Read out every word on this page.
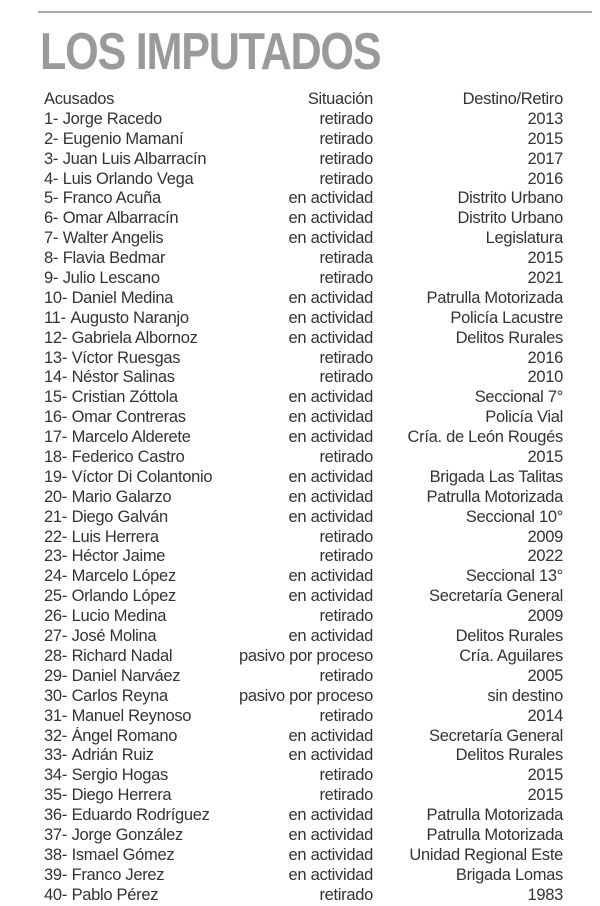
LOS IMPUTADOS
Acusados	Situación	Destino/Retiro
1- Jorge Racedo	retirado	2013
2- Eugenio Mamaní	retirado	2015
3- Juan Luis Albarracín	retirado	2017
4- Luis Orlando Vega	retirado	2016
5- Franco Acuña	en actividad	Distrito Urbano
6- Omar Albarracín	en actividad	Distrito Urbano
7- Walter Angelis	en actividad	Legislatura
8- Flavia Bedmar	retirada	2015
9- Julio Lescano	retirado	2021
10- Daniel Medina	en actividad	Patrulla Motorizada
11- Augusto Naranjo	en actividad	Policía Lacustre
12- Gabriela Albornoz	en actividad	Delitos Rurales
13- Víctor Ruesgas	retirado	2016
14- Néstor Salinas	retirado	2010
15- Cristian Zóttola	en actividad	Seccional 7°
16- Omar Contreras	en actividad	Policía Vial
17- Marcelo Alderete	en actividad	Cría. de León Rougés
18- Federico Castro	retirado	2015
19- Víctor Di Colantonio	en actividad	Brigada Las Talitas
20- Mario Galarzo	en actividad	Patrulla Motorizada
21- Diego Galván	en actividad	Seccional 10°
22- Luis Herrera	retirado	2009
23- Héctor Jaime	retirado	2022
24- Marcelo López	en actividad	Seccional 13°
25- Orlando López	en actividad	Secretaría General
26- Lucio Medina	retirado	2009
27- José Molina	en actividad	Delitos Rurales
28- Richard Nadal	pasivo por proceso	Cría. Aguilares
29- Daniel Narváez	retirado	2005
30- Carlos Reyna	pasivo por proceso	sin destino
31- Manuel Reynoso	retirado	2014
32- Ángel Romano	en actividad	Secretaría General
33- Adrián Ruiz	en actividad	Delitos Rurales
34- Sergio Hogas	retirado	2015
35- Diego Herrera	retirado	2015
36- Eduardo Rodríguez	en actividad	Patrulla Motorizada
37- Jorge González	en actividad	Patrulla Motorizada
38- Ismael Gómez	en actividad	Unidad Regional Este
39- Franco Jerez	en actividad	Brigada Lomas
40- Pablo Pérez	retirado	1983
